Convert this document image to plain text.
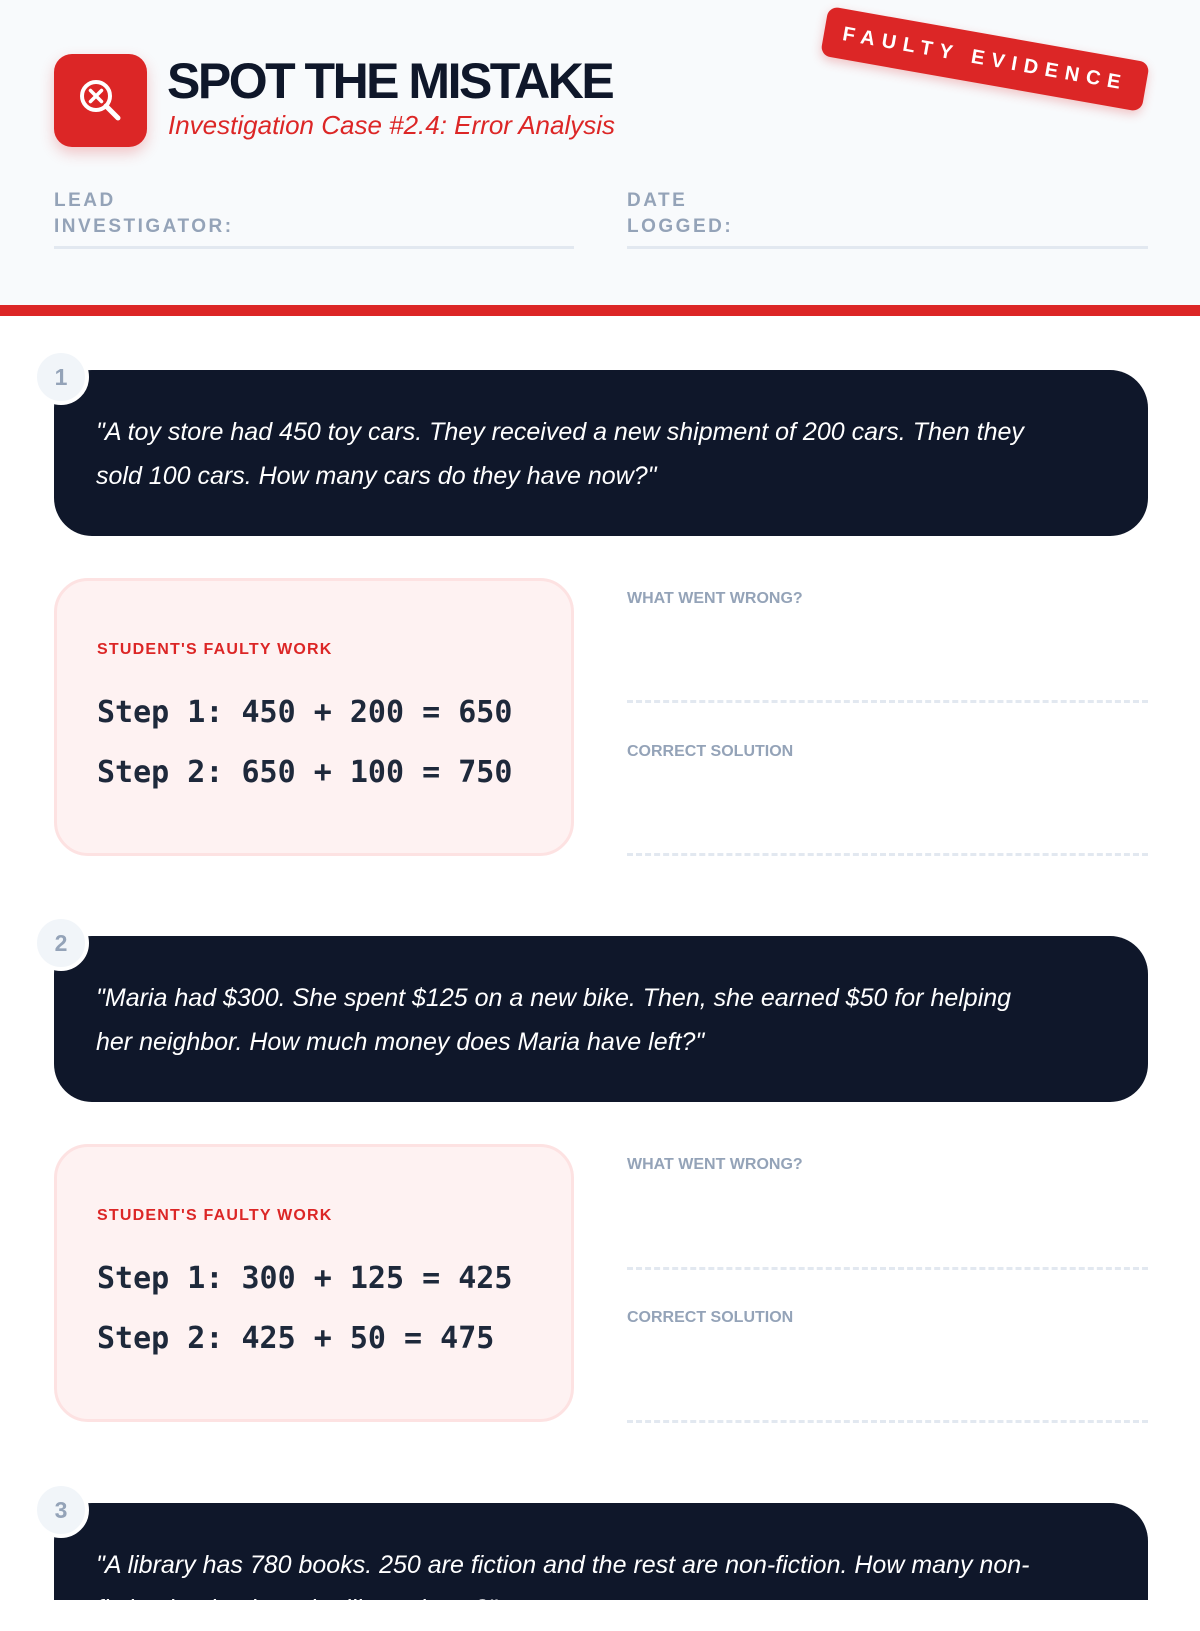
SPOT THE MISTAKE
Investigation Case #2.4: Error Analysis
FAULTY EVIDENCE
LEAD
INVESTIGATOR:
DATE
LOGGED:
1
"A toy store had 450 toy cars. They received a new shipment of 200 cars. Then they sold 100 cars. How many cars do they have now?"
STUDENT'S FAULTY WORK
Step 1: 450 + 200 = 650
Step 2: 650 + 100 = 750
WHAT WENT WRONG?
CORRECT SOLUTION
2
"Maria had $300. She spent $125 on a new bike. Then, she earned $50 for helping her neighbor. How much money does Maria have left?"
STUDENT'S FAULTY WORK
Step 1: 300 + 125 = 425
Step 2: 425 + 50 = 475
WHAT WENT WRONG?
CORRECT SOLUTION
3
"A library has 780 books. 250 are fiction and the rest are non-fiction. How many non-fiction books does the library have?"
